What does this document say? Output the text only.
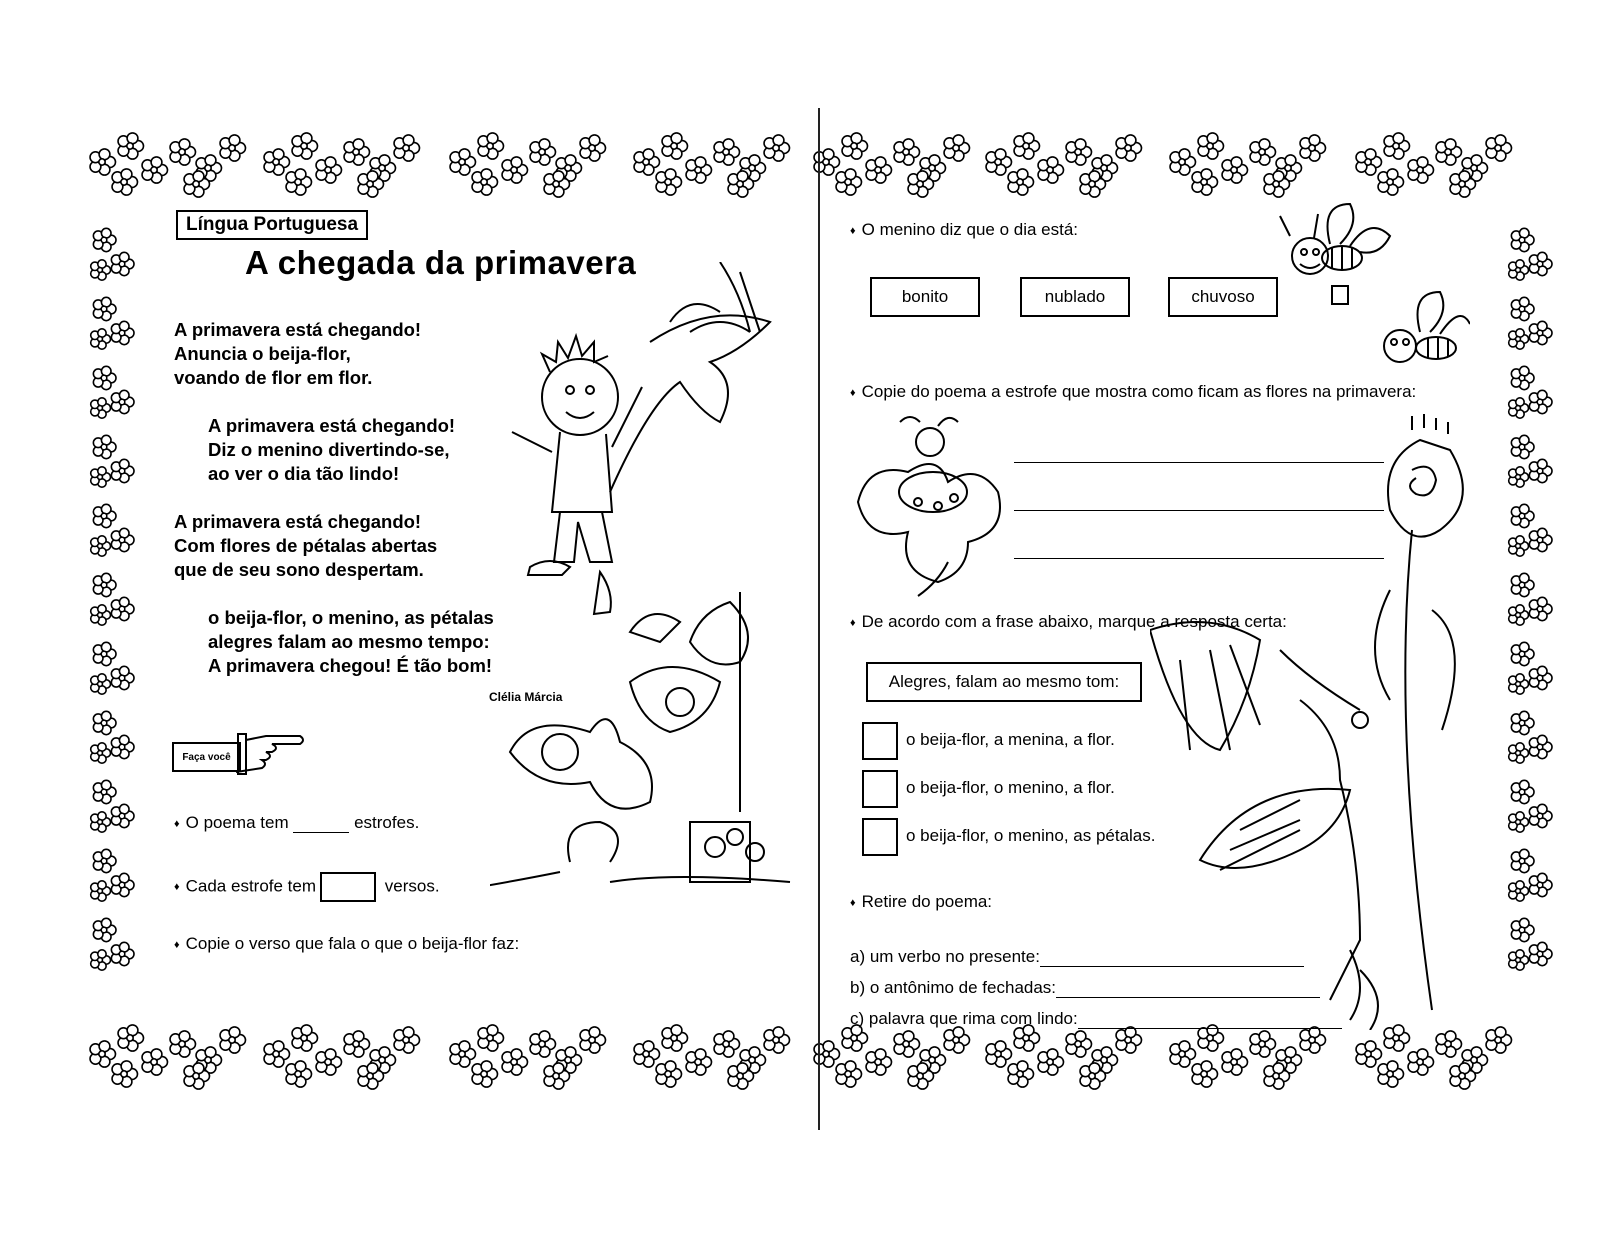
Língua Portuguesa
A chegada da primavera
A primavera está chegando!
Anuncia o beija-flor,
voando de flor em flor.
A primavera está chegando!
Diz o menino divertindo-se,
ao ver o dia tão lindo!
A primavera está chegando!
Com flores de pétalas abertas
que de seu sono despertam.
o beija-flor, o menino, as pétalas
alegres falam ao mesmo tempo:
A primavera chegou! É tão bom!
Clélia Márcia
Faça você
♦ O poema tem	estrofes.
♦ Cada estrofe tem	versos.
♦ Copie o verso que fala o que o beija-flor faz:
♦ O menino diz que o dia está:
bonito	nublado	chuvoso
♦ Copie do poema a estrofe que mostra como ficam as flores na primavera:
♦ De acordo com a frase abaixo, marque a resposta certa:
Alegres, falam ao mesmo tom:
o beija-flor, a menina, a flor.
o beija-flor, o menino, a flor.
o beija-flor, o menino, as pétalas.
♦ Retire do poema:
a) um verbo no presente:
b) o antônimo de fechadas:
c) palavra que rima com lindo:
